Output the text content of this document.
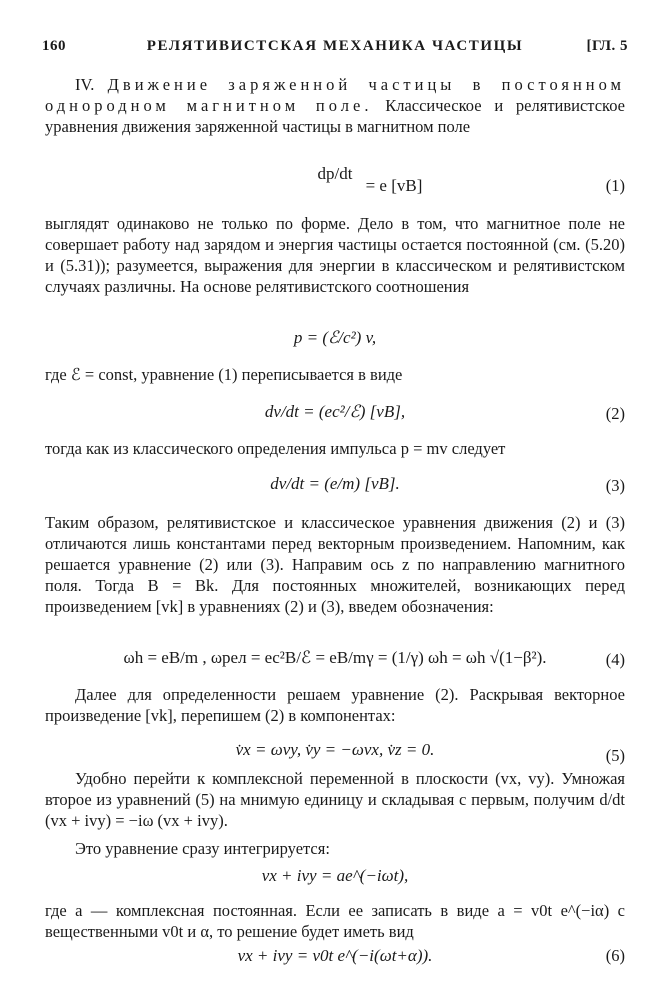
160	РЕЛЯТИВИСТСКАЯ МЕХАНИКА ЧАСТИЦЫ	[ГЛ. 5
IV. Движение заряженной частицы в постоянном однородном магнитном поле. Классическое и релятивистское уравнения движения заряженной частицы в магнитном поле
dp/dt
(1)
= e [vB]
выглядят одинаково не только по форме. Дело в том, что магнитное поле не совершает работу над зарядом и энергия частицы остается постоянной (см. (5.20) и (5.31)); разумеется, выражения для энергии в классическом и релятивистском случаях различны. На основе релятивистского соотношения
p = (ℰ/c²) v,
где ℰ = const, уравнение (1) переписывается в виде
dv/dt = (ec²/ℰ) [vB],	(2)
тогда как из классического определения импульса p = mv следует
dv/dt = (e/m) [vB].	(3)
Таким образом, релятивистское и классическое уравнения движения (2) и (3) отличаются лишь константами перед векторным произведением. Напомним, как решается уравнение (2) или (3). Направим ось z по направлению магнитного поля. Тогда B = Bk. Для постоянных множителей, возникающих перед произведением [vk] в уравнениях (2) и (3), введем обозначения:
ωh = eB/m , ωрел = ec²B/ℰ = eB/mγ = (1/γ) ωh = ωh √(1−β²).	(4)
Далее для определенности решаем уравнение (2). Раскрывая векторное произведение [vk], перепишем (2) в компонентах:
v̇x = ωvy, v̇y = −ωvx, v̇z = 0.	(5)
Удобно перейти к комплексной переменной в плоскости (vx, vy). Умножая второе из уравнений (5) на мнимую единицу и складывая с первым, получим d/dt (vx + ivy) = −iω (vx + ivy).
Это уравнение сразу интегрируется:
vx + ivy = ae^(−iωt),
где a — комплексная постоянная. Если ее записать в виде a = v0t e^(−iα) с вещественными v0t и α, то решение будет иметь вид
vx + ivy = v0t e^(−i(ωt+α)).	(6)
